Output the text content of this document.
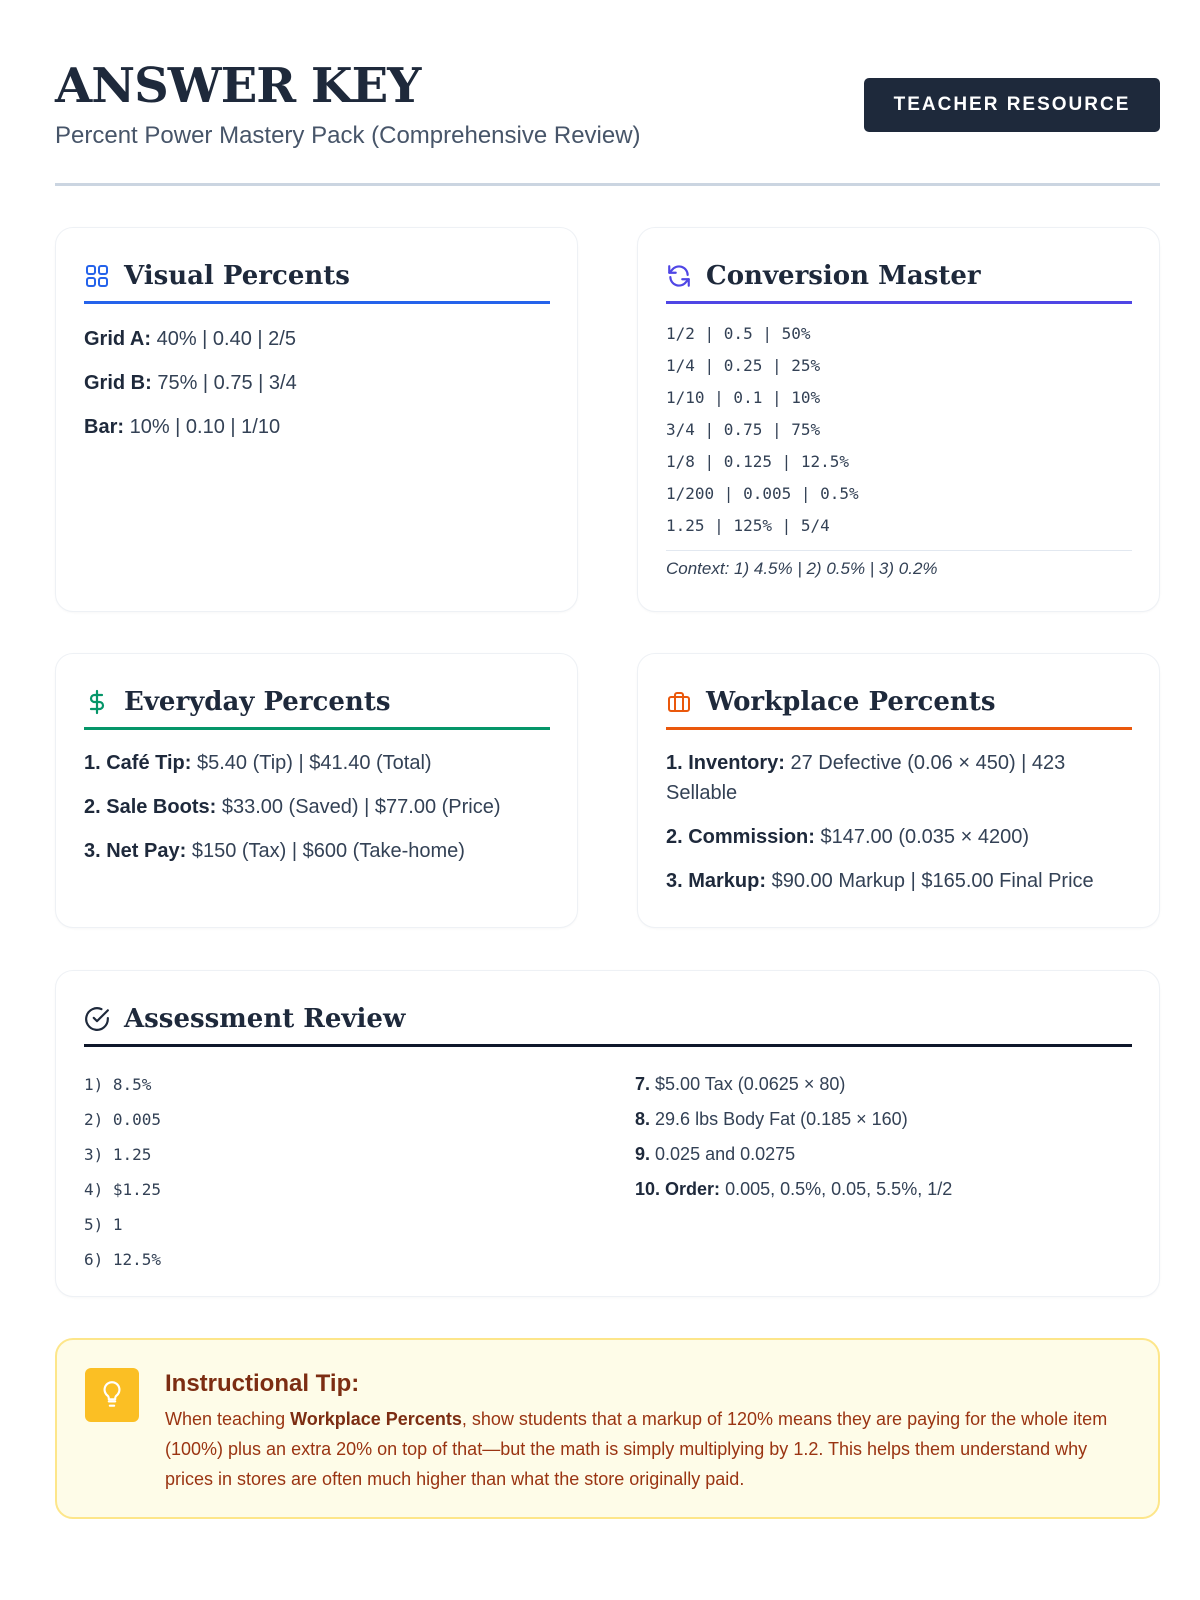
ANSWER KEY
Percent Power Mastery Pack (Comprehensive Review)
TEACHER RESOURCE
Visual Percents
Grid A: 40% | 0.40 | 2/5
Grid B: 75% | 0.75 | 3/4
Bar: 10% | 0.10 | 1/10
Conversion Master
1/2 | 0.5 | 50%
1/4 | 0.25 | 25%
1/10 | 0.1 | 10%
3/4 | 0.75 | 75%
1/8 | 0.125 | 12.5%
1/200 | 0.005 | 0.5%
1.25 | 125% | 5/4
Context: 1) 4.5% | 2) 0.5% | 3) 0.2%
Everyday Percents
1. Café Tip: $5.40 (Tip) | $41.40 (Total)
2. Sale Boots: $33.00 (Saved) | $77.00 (Price)
3. Net Pay: $150 (Tax) | $600 (Take-home)
Workplace Percents
1. Inventory: 27 Defective (0.06 × 450) | 423 Sellable
2. Commission: $147.00 (0.035 × 4200)
3. Markup: $90.00 Markup | $165.00 Final Price
Assessment Review
1) 8.5%
2) 0.005
3) 1.25
4) $1.25
5) 1
6) 12.5%
7. $5.00 Tax (0.0625 × 80)
8. 29.6 lbs Body Fat (0.185 × 160)
9. 0.025 and 0.0275
10. Order: 0.005, 0.5%, 0.05, 5.5%, 1/2
Instructional Tip:
When teaching Workplace Percents, show students that a markup of 120% means they are paying for the whole item (100%) plus an extra 20% on top of that—but the math is simply multiplying by 1.2. This helps them understand why prices in stores are often much higher than what the store originally paid.
